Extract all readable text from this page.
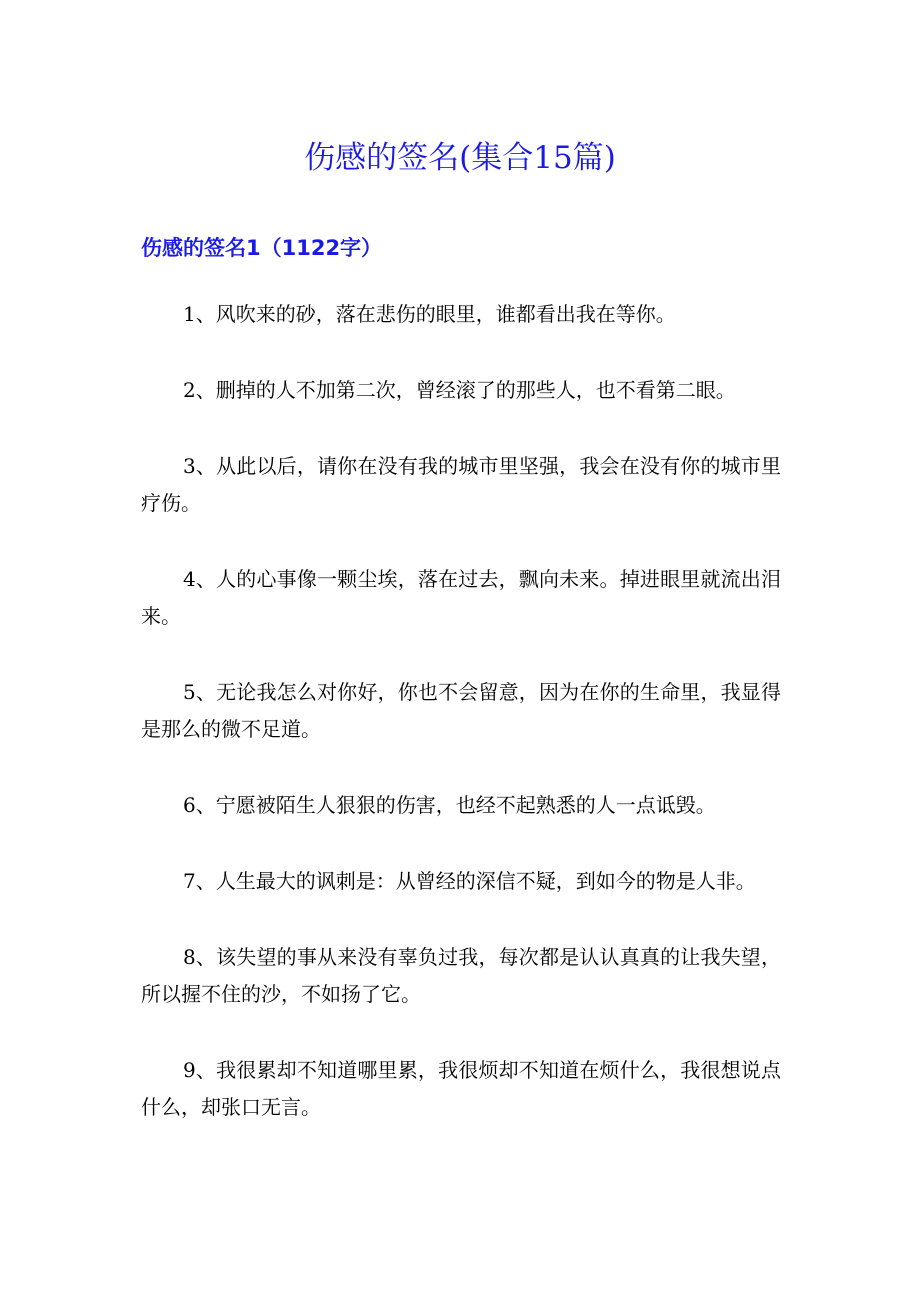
伤感的签名(集合15篇)
伤感的签名1（1122字）

1、风吹来的砂，落在悲伤的眼里，谁都看出我在等你。

2、删掉的人不加第二次，曾经滚了的那些人，也不看第二眼。

3、从此以后，请你在没有我的城市里坚强，我会在没有你的城市里疗伤。

4、人的心事像一颗尘埃，落在过去，飘向未来。掉进眼里就流出泪来。

5、无论我怎么对你好，你也不会留意，因为在你的生命里，我显得是那么的微不足道。

6、宁愿被陌生人狠狠的伤害，也经不起熟悉的人一点诋毁。

7、人生最大的讽刺是：从曾经的深信不疑，到如今的物是人非。

8、该失望的事从来没有辜负过我，每次都是认认真真的让我失望，所以握不住的沙，不如扬了它。

9、我很累却不知道哪里累，我很烦却不知道在烦什么，我很想说点什么，却张口无言。
